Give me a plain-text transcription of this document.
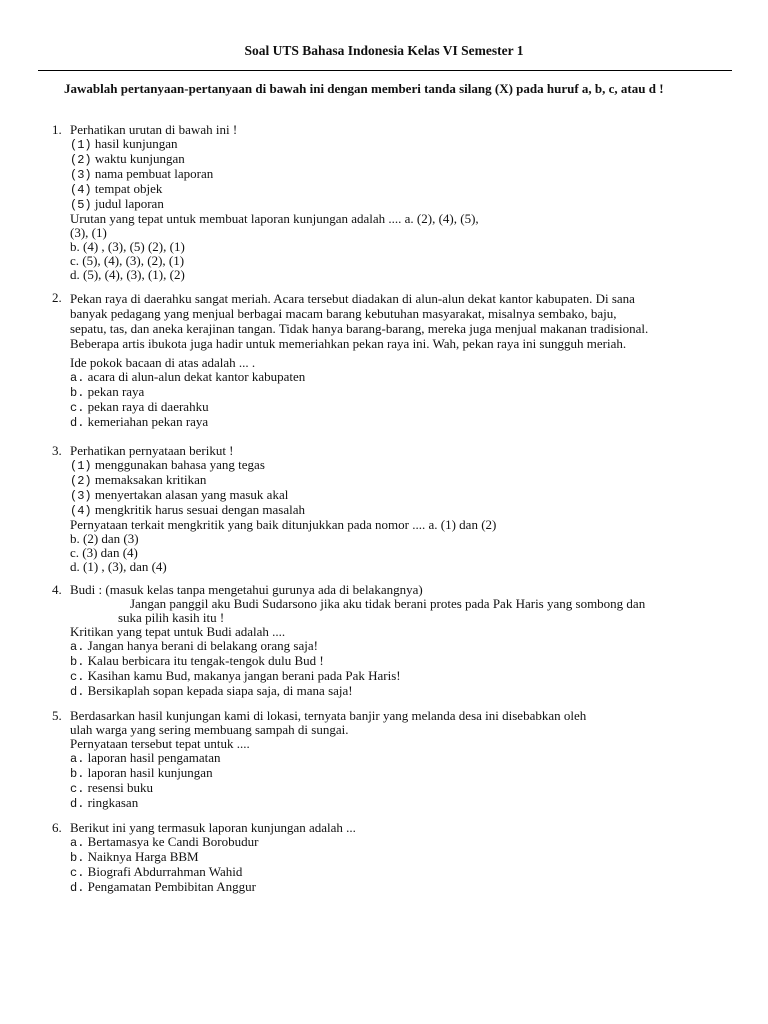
Soal UTS Bahasa Indonesia Kelas VI Semester 1
Jawablah pertanyaan-pertanyaan di bawah ini dengan memberi tanda silang (X) pada huruf a, b, c, atau d !
1. Perhatikan urutan di bawah ini !
(1) hasil kunjungan
(2) waktu kunjungan
(3) nama pembuat laporan
(4) tempat objek
(5) judul laporan
Urutan yang tepat untuk membuat laporan kunjungan adalah .... a. (2), (4), (5),
(3), (1)
b. (4) , (3), (5) (2), (1)
c. (5), (4), (3), (2), (1)
d. (5), (4), (3), (1), (2)
2. Pekan raya di daerahku sangat meriah. Acara tersebut diadakan di alun-alun dekat kantor kabupaten. Di sana
banyak pedagang yang menjual berbagai macam barang kebutuhan masyarakat, misalnya sembako, baju,
sepatu, tas, dan aneka kerajinan tangan. Tidak hanya barang-barang, mereka juga menjual makanan tradisional.
Beberapa artis ibukota juga hadir untuk memeriahkan pekan raya ini. Wah, pekan raya ini sungguh meriah.
Ide pokok bacaan di atas adalah ... .
a. acara di alun-alun dekat kantor kabupaten
b. pekan raya
c. pekan raya di daerahku
d. kemeriahan pekan raya
3. Perhatikan pernyataan berikut !
(1) menggunakan bahasa yang tegas
(2) memaksakan kritikan
(3) menyertakan alasan yang masuk akal
(4) mengkritik harus sesuai dengan masalah
Pernyataan terkait mengkritik yang baik ditunjukkan pada nomor .... a. (1) dan (2)
b. (2) dan (3)
c. (3) dan (4)
d. (1) , (3), dan (4)
4. Budi : (masuk kelas tanpa mengetahui gurunya ada di belakangnya)
Jangan panggil aku Budi Sudarsono jika aku tidak berani protes pada Pak Haris yang sombong dan
suka pilih kasih itu !
Kritikan yang tepat untuk Budi adalah ....
a. Jangan hanya berani di belakang orang saja!
b. Kalau berbicara itu tengak-tengok dulu Bud !
c. Kasihan kamu Bud, makanya jangan berani pada Pak Haris!
d. Bersikaplah sopan kepada siapa saja, di mana saja!
5. Berdasarkan hasil kunjungan kami di lokasi, ternyata banjir yang melanda desa ini disebabkan oleh
ulah warga yang sering membuang sampah di sungai.
Pernyataan tersebut tepat untuk ....
a. laporan hasil pengamatan
b. laporan hasil kunjungan
c. resensi buku
d. ringkasan
6. Berikut ini yang termasuk laporan kunjungan adalah ...
a. Bertamasya ke Candi Borobudur
b. Naiknya Harga BBM
c. Biografi Abdurrahman Wahid
d. Pengamatan Pembibitan Anggur
